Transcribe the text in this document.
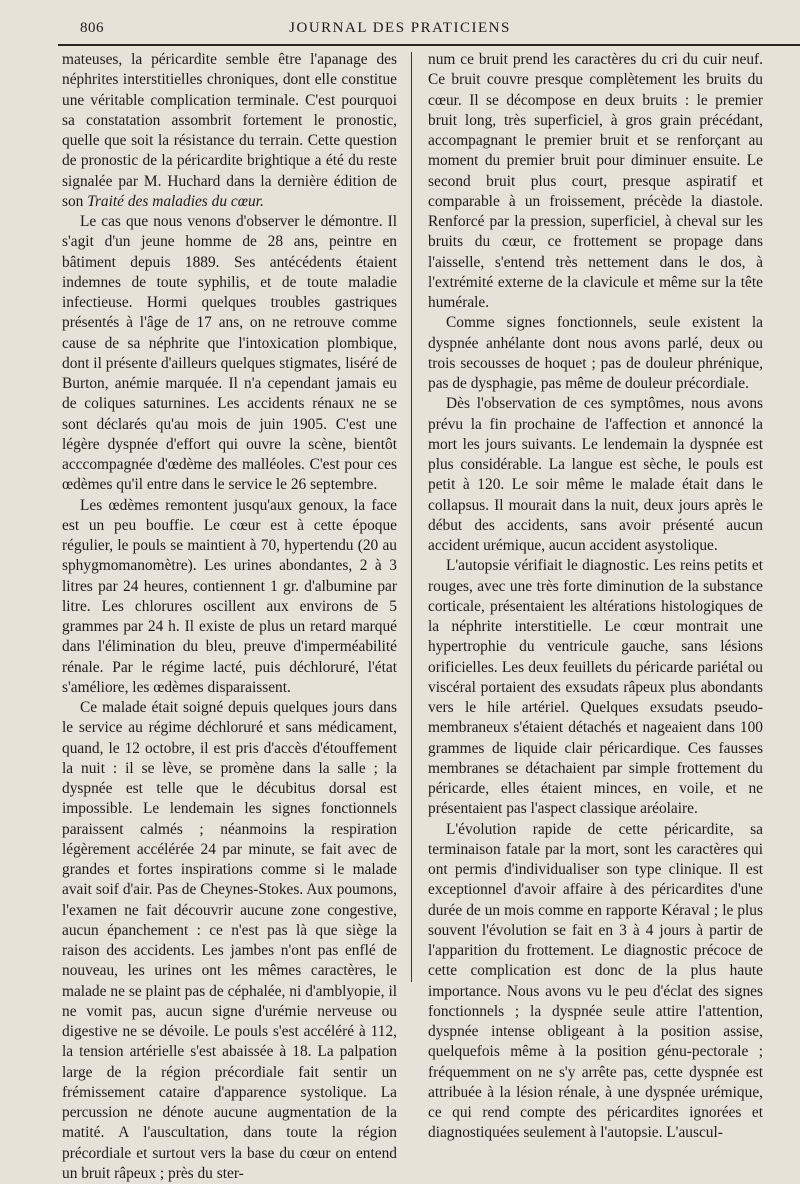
806	JOURNAL DES PRATICIENS

mateuses, la péricardite semble être l'apanage des néphrites interstitielles chroniques, dont elle constitue une véritable complication terminale. C'est pourquoi sa constatation assombrit fortement le pronostic, quelle que soit la résistance du terrain. Cette question de pronostic de la péricardite brightique a été du reste signalée par M. Huchard dans la dernière édition de son Traité des maladies du cœur.

Le cas que nous venons d'observer le démontre. Il s'agit d'un jeune homme de 28 ans, peintre en bâtiment depuis 1889. Ses antécédents étaient indemnes de toute syphilis, et de toute maladie infectieuse. Hormi quelques troubles gastriques présentés à l'âge de 17 ans, on ne retrouve comme cause de sa néphrite que l'intoxication plombique, dont il présente d'ailleurs quelques stigmates, liséré de Burton, anémie marquée. Il n'a cependant jamais eu de coliques saturnines. Les accidents rénaux ne se sont déclarés qu'au mois de juin 1905. C'est une légère dyspnée d'effort qui ouvre la scène, bientôt acccompagnée d'œdème des malléoles. C'est pour ces œdèmes qu'il entre dans le service le 26 septembre.

Les œdèmes remontent jusqu'aux genoux, la face est un peu bouffie. Le cœur est à cette époque régulier, le pouls se maintient à 70, hypertendu (20 au sphygmomanomètre). Les urines abondantes, 2 à 3 litres par 24 heures, contiennent 1 gr. d'albumine par litre. Les chlorures oscillent aux environs de 5 grammes par 24 h. Il existe de plus un retard marqué dans l'élimination du bleu, preuve d'imperméabilité rénale. Par le régime lacté, puis déchloruré, l'état s'améliore, les œdèmes disparaissent.

Ce malade était soigné depuis quelques jours dans le service au régime déchloruré et sans médicament, quand, le 12 octobre, il est pris d'accès d'étouffement la nuit : il se lève, se promène dans la salle ; la dyspnée est telle que le décubitus dorsal est impossible. Le lendemain les signes fonctionnels paraissent calmés ; néanmoins la respiration légèrement accélérée 24 par minute, se fait avec de grandes et fortes inspirations comme si le malade avait soif d'air. Pas de Cheynes-Stokes. Aux poumons, l'examen ne fait découvrir aucune zone congestive, aucun épanchement : ce n'est pas là que siège la raison des accidents. Les jambes n'ont pas enflé de nouveau, les urines ont les mêmes caractères, le malade ne se plaint pas de céphalée, ni d'amblyopie, il ne vomit pas, aucun signe d'urémie nerveuse ou digestive ne se dévoile. Le pouls s'est accéléré à 112, la tension artérielle s'est abaissée à 18. La palpation large de la région précordiale fait sentir un frémissement cataire d'apparence systolique. La percussion ne dénote aucune augmentation de la matité. A l'auscultation, dans toute la région précordiale et surtout vers la base du cœur on entend un bruit râpeux ; près du ster-

num ce bruit prend les caractères du cri du cuir neuf. Ce bruit couvre presque complètement les bruits du cœur. Il se décompose en deux bruits : le premier bruit long, très superficiel, à gros grain précédant, accompagnant le premier bruit et se renforçant au moment du premier bruit pour diminuer ensuite. Le second bruit plus court, presque aspiratif et comparable à un froissement, précède la diastole. Renforcé par la pression, superficiel, à cheval sur les bruits du cœur, ce frottement se propage dans l'aisselle, s'entend très nettement dans le dos, à l'extrémité externe de la clavicule et même sur la tête humérale.

Comme signes fonctionnels, seule existent la dyspnée anhélante dont nous avons parlé, deux ou trois secousses de hoquet ; pas de douleur phrénique, pas de dysphagie, pas même de douleur précordiale.

Dès l'observation de ces symptômes, nous avons prévu la fin prochaine de l'affection et annoncé la mort les jours suivants. Le lendemain la dyspnée est plus considérable. La langue est sèche, le pouls est petit à 120. Le soir même le malade était dans le collapsus. Il mourait dans la nuit, deux jours après le début des accidents, sans avoir présenté aucun accident urémique, aucun accident asystolique.

L'autopsie vérifiait le diagnostic. Les reins petits et rouges, avec une très forte diminution de la substance corticale, présentaient les altérations histologiques de la néphrite interstitielle. Le cœur montrait une hypertrophie du ventricule gauche, sans lésions orificielles. Les deux feuillets du péricarde pariétal ou viscéral portaient des exsudats râpeux plus abondants vers le hile artériel. Quelques exsudats pseudo-membraneux s'étaient détachés et nageaient dans 100 grammes de liquide clair péricardique. Ces fausses membranes se détachaient par simple frottement du péricarde, elles étaient minces, en voile, et ne présentaient pas l'aspect classique aréolaire.

L'évolution rapide de cette péricardite, sa terminaison fatale par la mort, sont les caractères qui ont permis d'individualiser son type clinique. Il est exceptionnel d'avoir affaire à des péricardites d'une durée de un mois comme en rapporte Kéraval ; le plus souvent l'évolution se fait en 3 à 4 jours à partir de l'apparition du frottement. Le diagnostic précoce de cette complication est donc de la plus haute importance. Nous avons vu le peu d'éclat des signes fonctionnels ; la dyspnée seule attire l'attention, dyspnée intense obligeant à la position assise, quelquefois même à la position génu-pectorale ; fréquemment on ne s'y arrête pas, cette dyspnée est attribuée à la lésion rénale, à une dyspnée urémique, ce qui rend compte des péricardites ignorées et diagnostiquées seulement à l'autopsie. L'auscul-
